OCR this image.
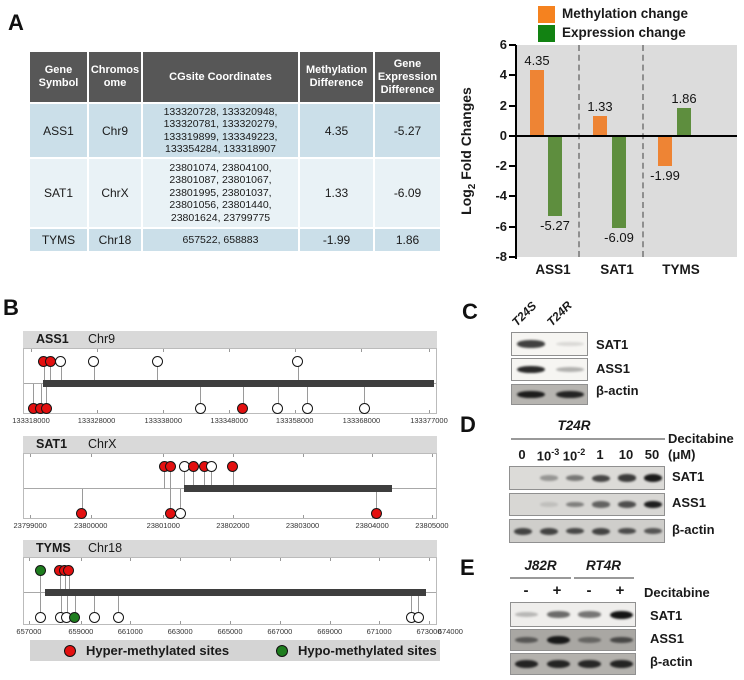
A
B	C
D
E
Gene Symbol	Chromosome	CGsite Coordinates	Methylation Difference	Gene Expression Difference
ASS1	Chr9	133320728, 133320948, 133320781, 133320279, 133319899, 133349223, 133354284, 133318907	4.35	-5.27
SAT1	ChrX	23801074, 23804100, 23801087, 23801067, 23801995, 23801037, 23801056, 23801440, 23801624, 23799775	1.33	-6.09
TYMS	Chr18	657522, 658883	-1.99	1.86
Methylation change
Expression change
Log$_2$ Fold Changes
4.35
1.33
-1.99
-5.27
-6.09
1.86
T24S T24R
SAT1
ASS1
β-actin
T24R
Decitabine
(μM)
SAT1
ASS1
β-actin
J82R	RT4R
-	+	-	+	Decitabine
SAT1
ASS1
β-actin
Hyper-methylated sites	Hypo-methylated sites
6
4
2
0
-2
-4
-6
-8
ASS1	SAT1	TYMS
ASS1 Chr9
133318000	133328000	133338000	133348000	133358000	133368000	133377000
SAT1 ChrX
23799000	23800000	23801000	23802000	23803000	23804000	23805000
TYMS Chr18
657000	659000	661000	663000	665000	667000	669000	671000	673000
674000
0 $10^{-3}$ $10^{-2}$ 1	10 50
